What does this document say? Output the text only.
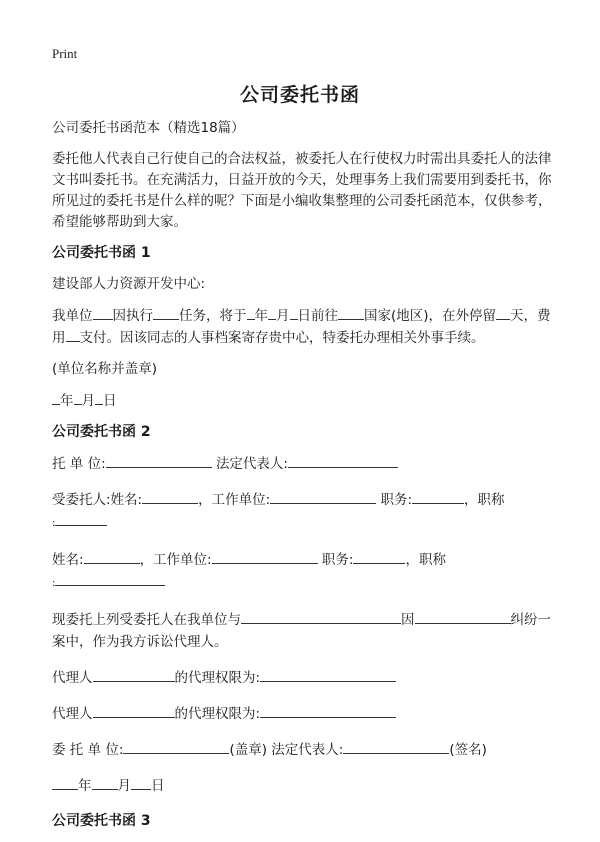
Print
公司委托书函

公司委托书函范本（精选18篇）

委托他人代表自己行使自己的合法权益，被委托人在行使权力时需出具委托人的法律文书叫委托书。在充满活力，日益开放的今天，处理事务上我们需要用到委托书，你所见过的委托书是什么样的呢？下面是小编收集整理的公司委托函范本，仅供参考，希望能够帮助到大家。

公司委托书函 1

建设部人力资源开发中心:

我单位 因执行 任务，将于 年 月 日前往 国家(地区)，在外停留 天，费用 支付。因该同志的人事档案寄存贵中心，特委托办理相关外事手续。

(单位名称并盖章)

年 月 日

公司委托书函 2
托 单 位:	法定代表人:
受委托人:姓名:	，工作单位:	职务:	，职称
:
姓名:	，工作单位:	职务:	，职称
:
现委托上列受委托人在我单位与	因	纠纷一案中，作为我方诉讼代理人。
代理人	的代理权限为:
代理人	的代理权限为:
委 托 单 位:	(盖章) 法定代表人:	(签名)
年 月 日
公司委托书函 3
